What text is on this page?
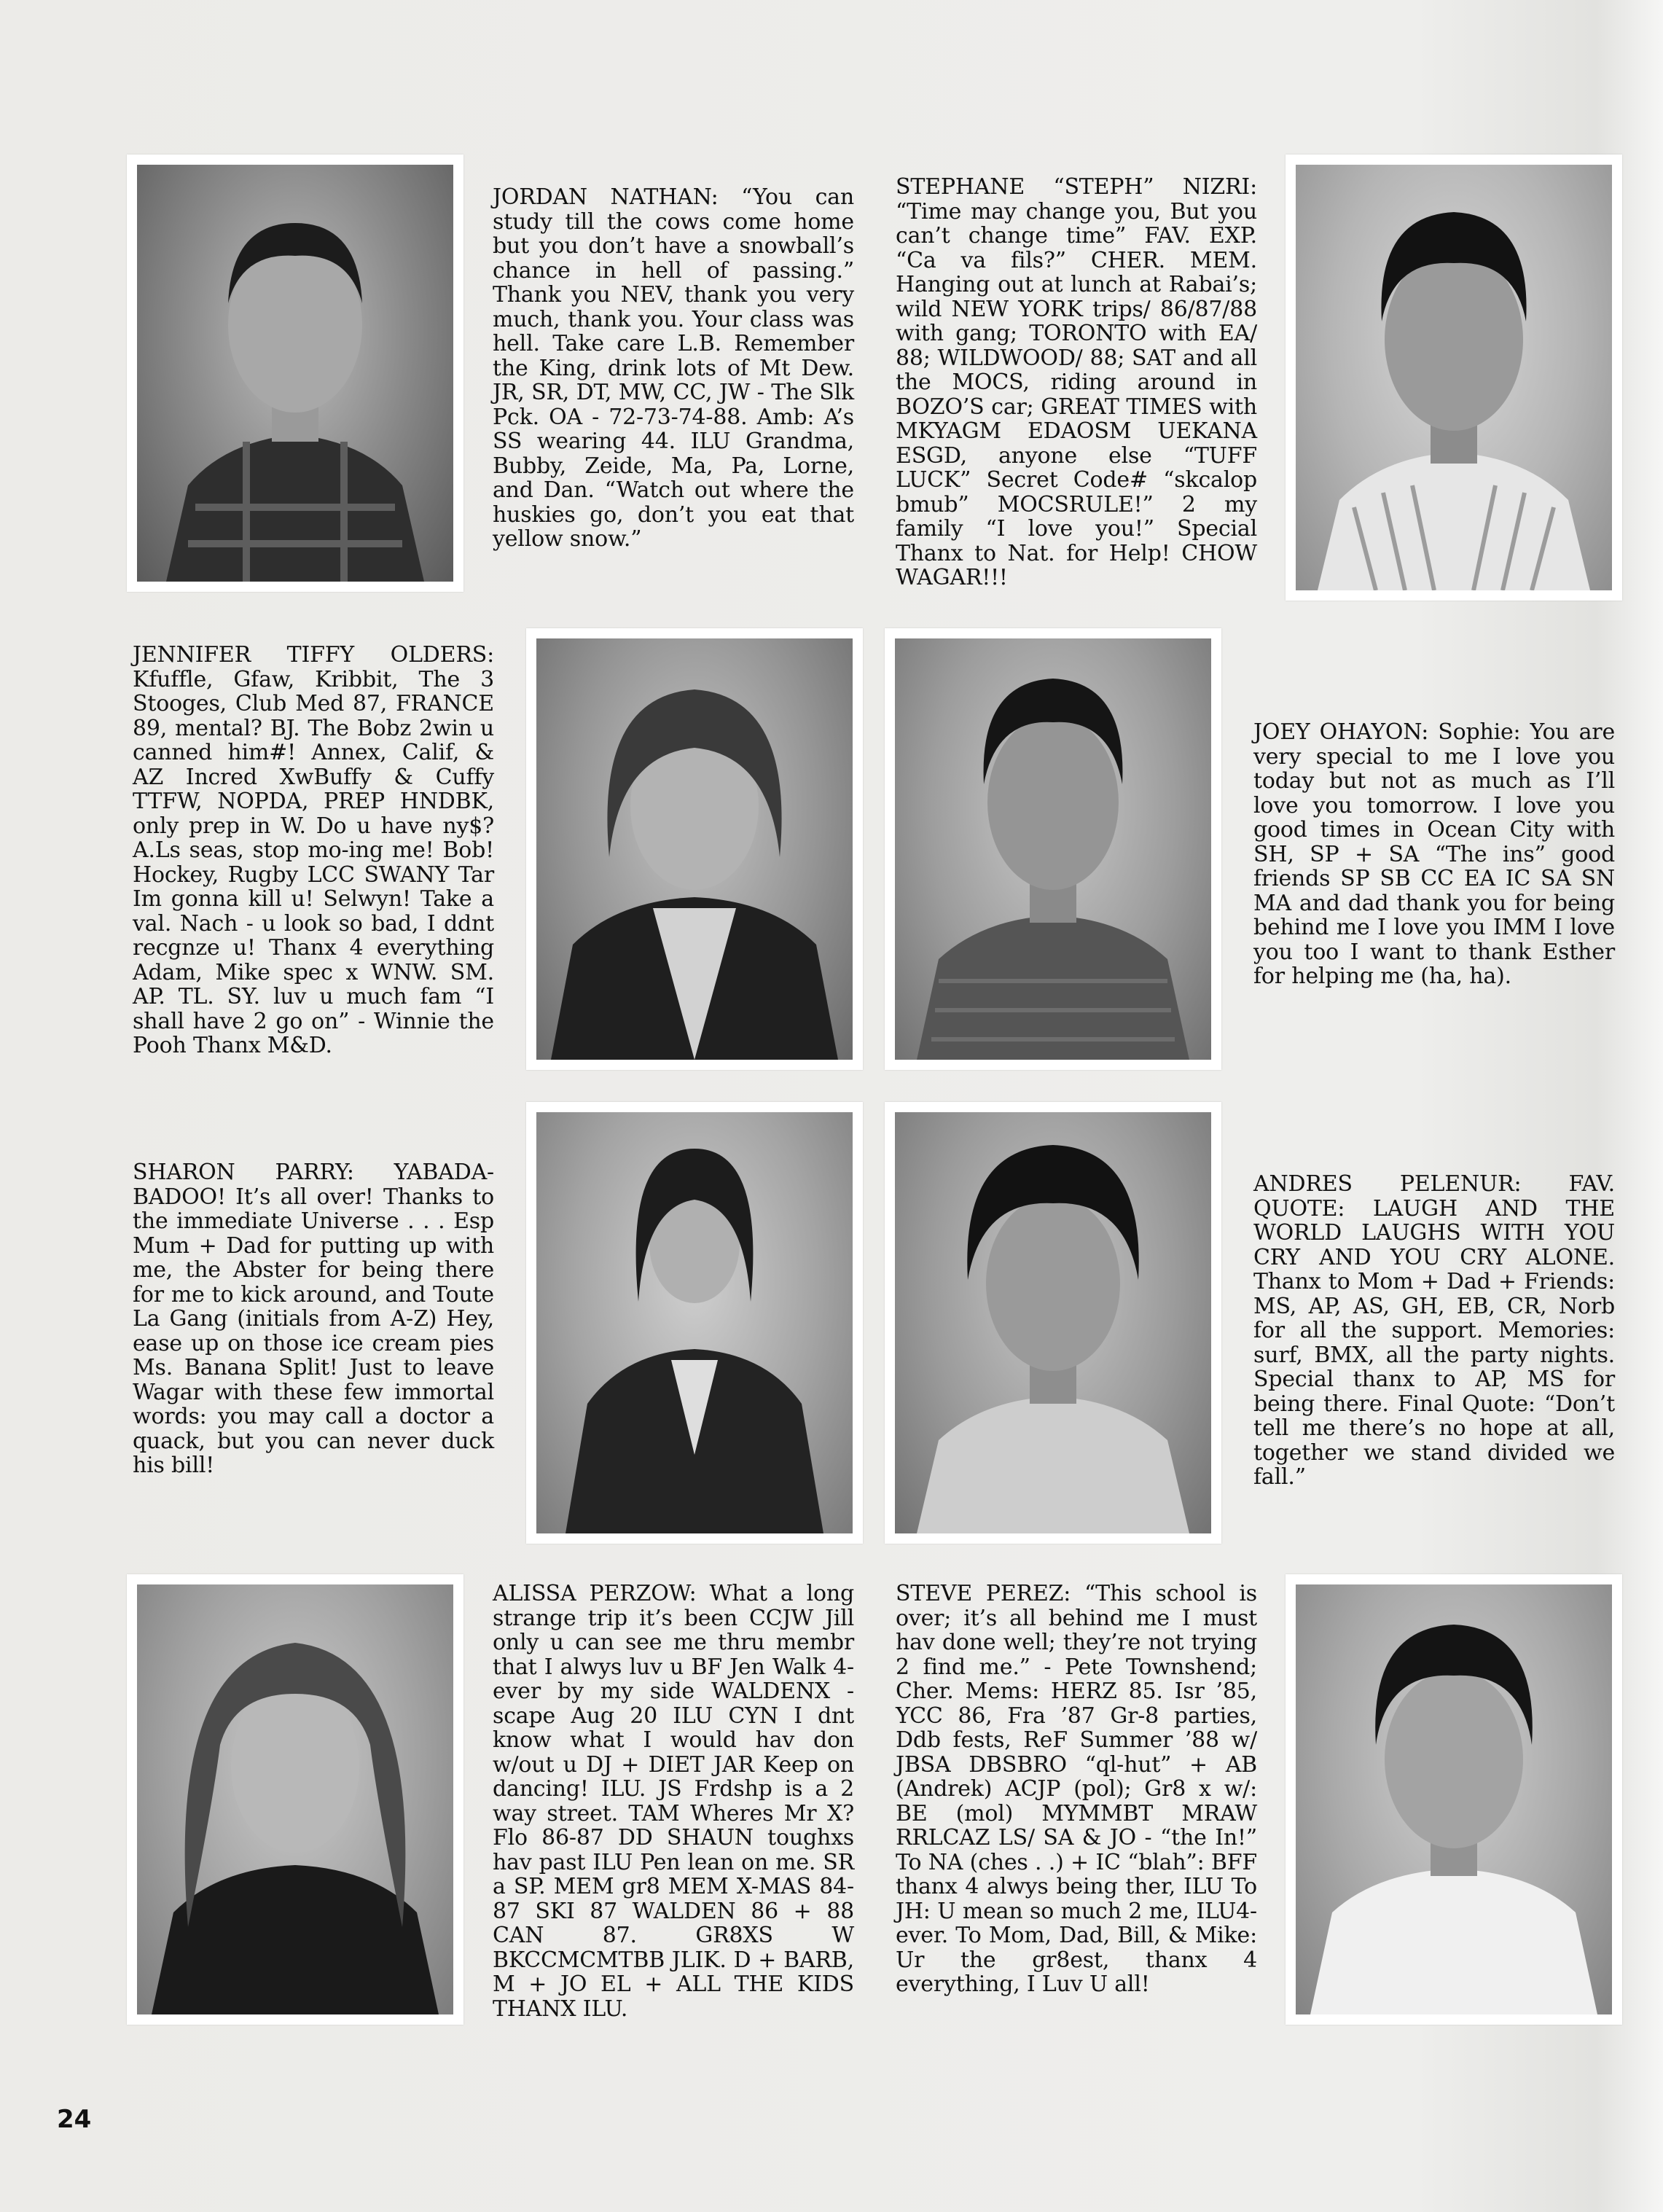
JORDAN NATHAN: “You can study till the cows come home but you don’t have a snowball’s chance in hell of passing.” Thank you NEV, thank you very much, thank you. Your class was hell. Take care L.B. Remember the King, drink lots of Mt Dew. JR, SR, DT, MW, CC, JW - The Slk Pck. OA - 72-73-74-88. Amb: A’s SS wearing 44. ILU Grandma, Bubby, Zeide, Ma, Pa, Lorne, and Dan. “Watch out where the huskies go, don’t you eat that yellow snow.”

STEPHANE “STEPH” NIZRI: “Time may change you, But you can’t change time” FAV. EXP. “Ca va fils?” CHER. MEM. Hanging out at lunch at Rabai’s; wild NEW YORK trips/ 86/87/88 with gang; TORONTO with EA/ 88; WILDWOOD/ 88; SAT and all the MOCS, riding around in BOZO’S car; GREAT TIMES with MKYAGM EDAOSM UEKANA ESGD, anyone else “TUFF LUCK” Secret Code# “skcalop bmub” MOCSRULE!” 2 my family “I love you!” Special Thanx to Nat. for Help! CHOW WAGAR!!!

JENNIFER TIFFY OLDERS: Kfuffle, Gfaw, Kribbit, The 3 Stooges, Club Med 87, FRANCE 89, mental? BJ. The Bobz 2win u canned him#! Annex, Calif, & AZ Incred XwBuffy & Cuffy TTFW, NOPDA, PREP HNDBK, only prep in W. Do u have ny$? A.Ls seas, stop mo-ing me! Bob! Hockey, Rugby LCC SWANY Tar Im gonna kill u! Selwyn! Take a val. Nach - u look so bad, I ddnt recgnze u! Thanx 4 everything Adam, Mike spec x WNW. SM. AP. TL. SY. luv u much fam “I shall have 2 go on” - Winnie the Pooh Thanx M&D.

JOEY OHAYON: Sophie: You are very special to me I love you today but not as much as I’ll love you tomorrow. I love you good times in Ocean City with SH, SP + SA “The ins” good friends SP SB CC EA IC SA SN MA and dad thank you for being behind me I love you IMM I love you too I want to thank Esther for helping me (ha, ha).

SHARON PARRY: YABADA-BADOO! It’s all over! Thanks to the immediate Universe . . . Esp Mum + Dad for putting up with me, the Abster for being there for me to kick around, and Toute La Gang (initials from A-Z) Hey, ease up on those ice cream pies Ms. Banana Split! Just to leave Wagar with these few immortal words: you may call a doctor a quack, but you can never duck his bill!

ANDRES PELENUR: FAV. QUOTE: LAUGH AND THE WORLD LAUGHS WITH YOU CRY AND YOU CRY ALONE. Thanx to Mom + Dad + Friends: MS, AP, AS, GH, EB, CR, Norb for all the support. Memories: surf, BMX, all the party nights. Special thanx to AP, MS for being there. Final Quote: “Don’t tell me there’s no hope at all, together we stand divided we fall.”

ALISSA PERZOW: What a long strange trip it’s been CCJW Jill only u can see me thru membr that I alwys luv u BF Jen Walk 4-ever by my side WALDENX - scape Aug 20 ILU CYN I dnt know what I would hav don w/out u DJ + DIET JAR Keep on dancing! ILU. JS Frdshp is a 2 way street. TAM Wheres Mr X? Flo 86-87 DD SHAUN toughxs hav past ILU Pen lean on me. SR a SP. MEM gr8 MEM X-MAS 84-87 SKI 87 WALDEN 86 + 88 CAN 87. GR8XS W BKCCMCMTBB JLIK. D + BARB, M + JO EL + ALL THE KIDS THANX ILU.

STEVE PEREZ: “This school is over; it’s all behind me I must hav done well; they’re not trying 2 find me.” - Pete Townshend; Cher. Mems: HERZ 85. Isr ’85, YCC 86, Fra ’87 Gr-8 parties, Ddb fests, ReF Summer ’88 w/ JBSA DBSBRO “ql-hut” + AB (Andrek) ACJP (pol); Gr8 x w/: BE (mol) MYMMBT MRAW RRLCAZ LS/ SA & JO - “the In!” To NA (ches . .) + IC “blah”: BFF thanx 4 alwys being ther, ILU To JH: U mean so much 2 me, ILU4-ever. To Mom, Dad, Bill, & Mike: Ur the gr8est, thanx 4 everything, I Luv U all!

24
